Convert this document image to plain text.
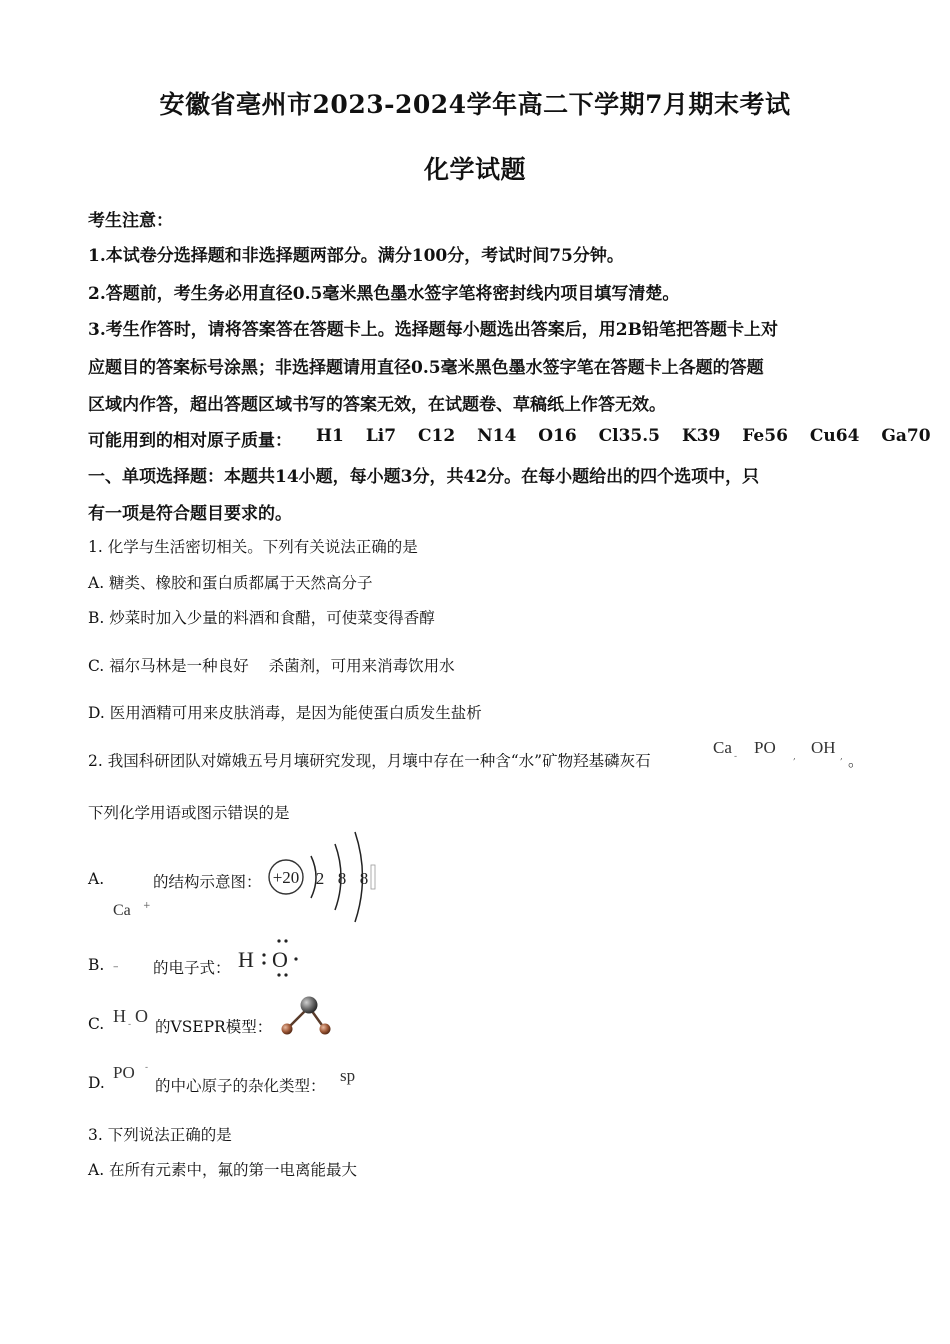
安徽省亳州市2023-2024学年高二下学期7月期末考试
化学试题
考生注意：
1.本试卷分选择题和非选择题两部分。满分100分，考试时间75分钟。
2.答题前，考生务必用直径0.5毫米黑色墨水签字笔将密封线内项目填写清楚。
3.考生作答时，请将答案答在答题卡上。选择题每小题选出答案后，用2B铅笔把答题卡上对
应题目的答案标号涂黑；非选择题请用直径0.5毫米黑色墨水签字笔在答题卡上各题的答题
区域内作答，超出答题区域书写的答案无效，在试题卷、草稿纸上作答无效。
可能用到的相对原子质量： H1 Li7 C12 N14 O16 Cl35.5 K39 Fe56 Cu64 Ga70
一、单项选择题：本题共14小题，每小题3分，共42分。在每小题给出的四个选项中，只
有一项是符合题目要求的。
1. 化学与生活密切相关。下列有关说法正确的是
A. 糖类、橡胶和蛋白质都属于天然高分子
B. 炒菜时加入少量的料酒和食醋，可使菜变得香醇
C. 福尔马林是一种良好 杀菌剂，可用来消毒饮用水
D. 医用酒精可用来皮肤消毒，是因为能使蛋白质发生盐析
2. 我国科研团队对嫦娥五号月壤研究发现，月壤中存在一种含“水”矿物羟基磷灰石
Ca - PO , OH , 。
下列化学用语或图示错误的是
A.	的结构示意图：
Ca +
+20 2 8 8
B. – 的电子式： H O
C. H - O
的VSEPR模型：
D.
PO -
的中心原子的杂化类型：
sp
3. 下列说法正确的是
A. 在所有元素中，氟的第一电离能最大
